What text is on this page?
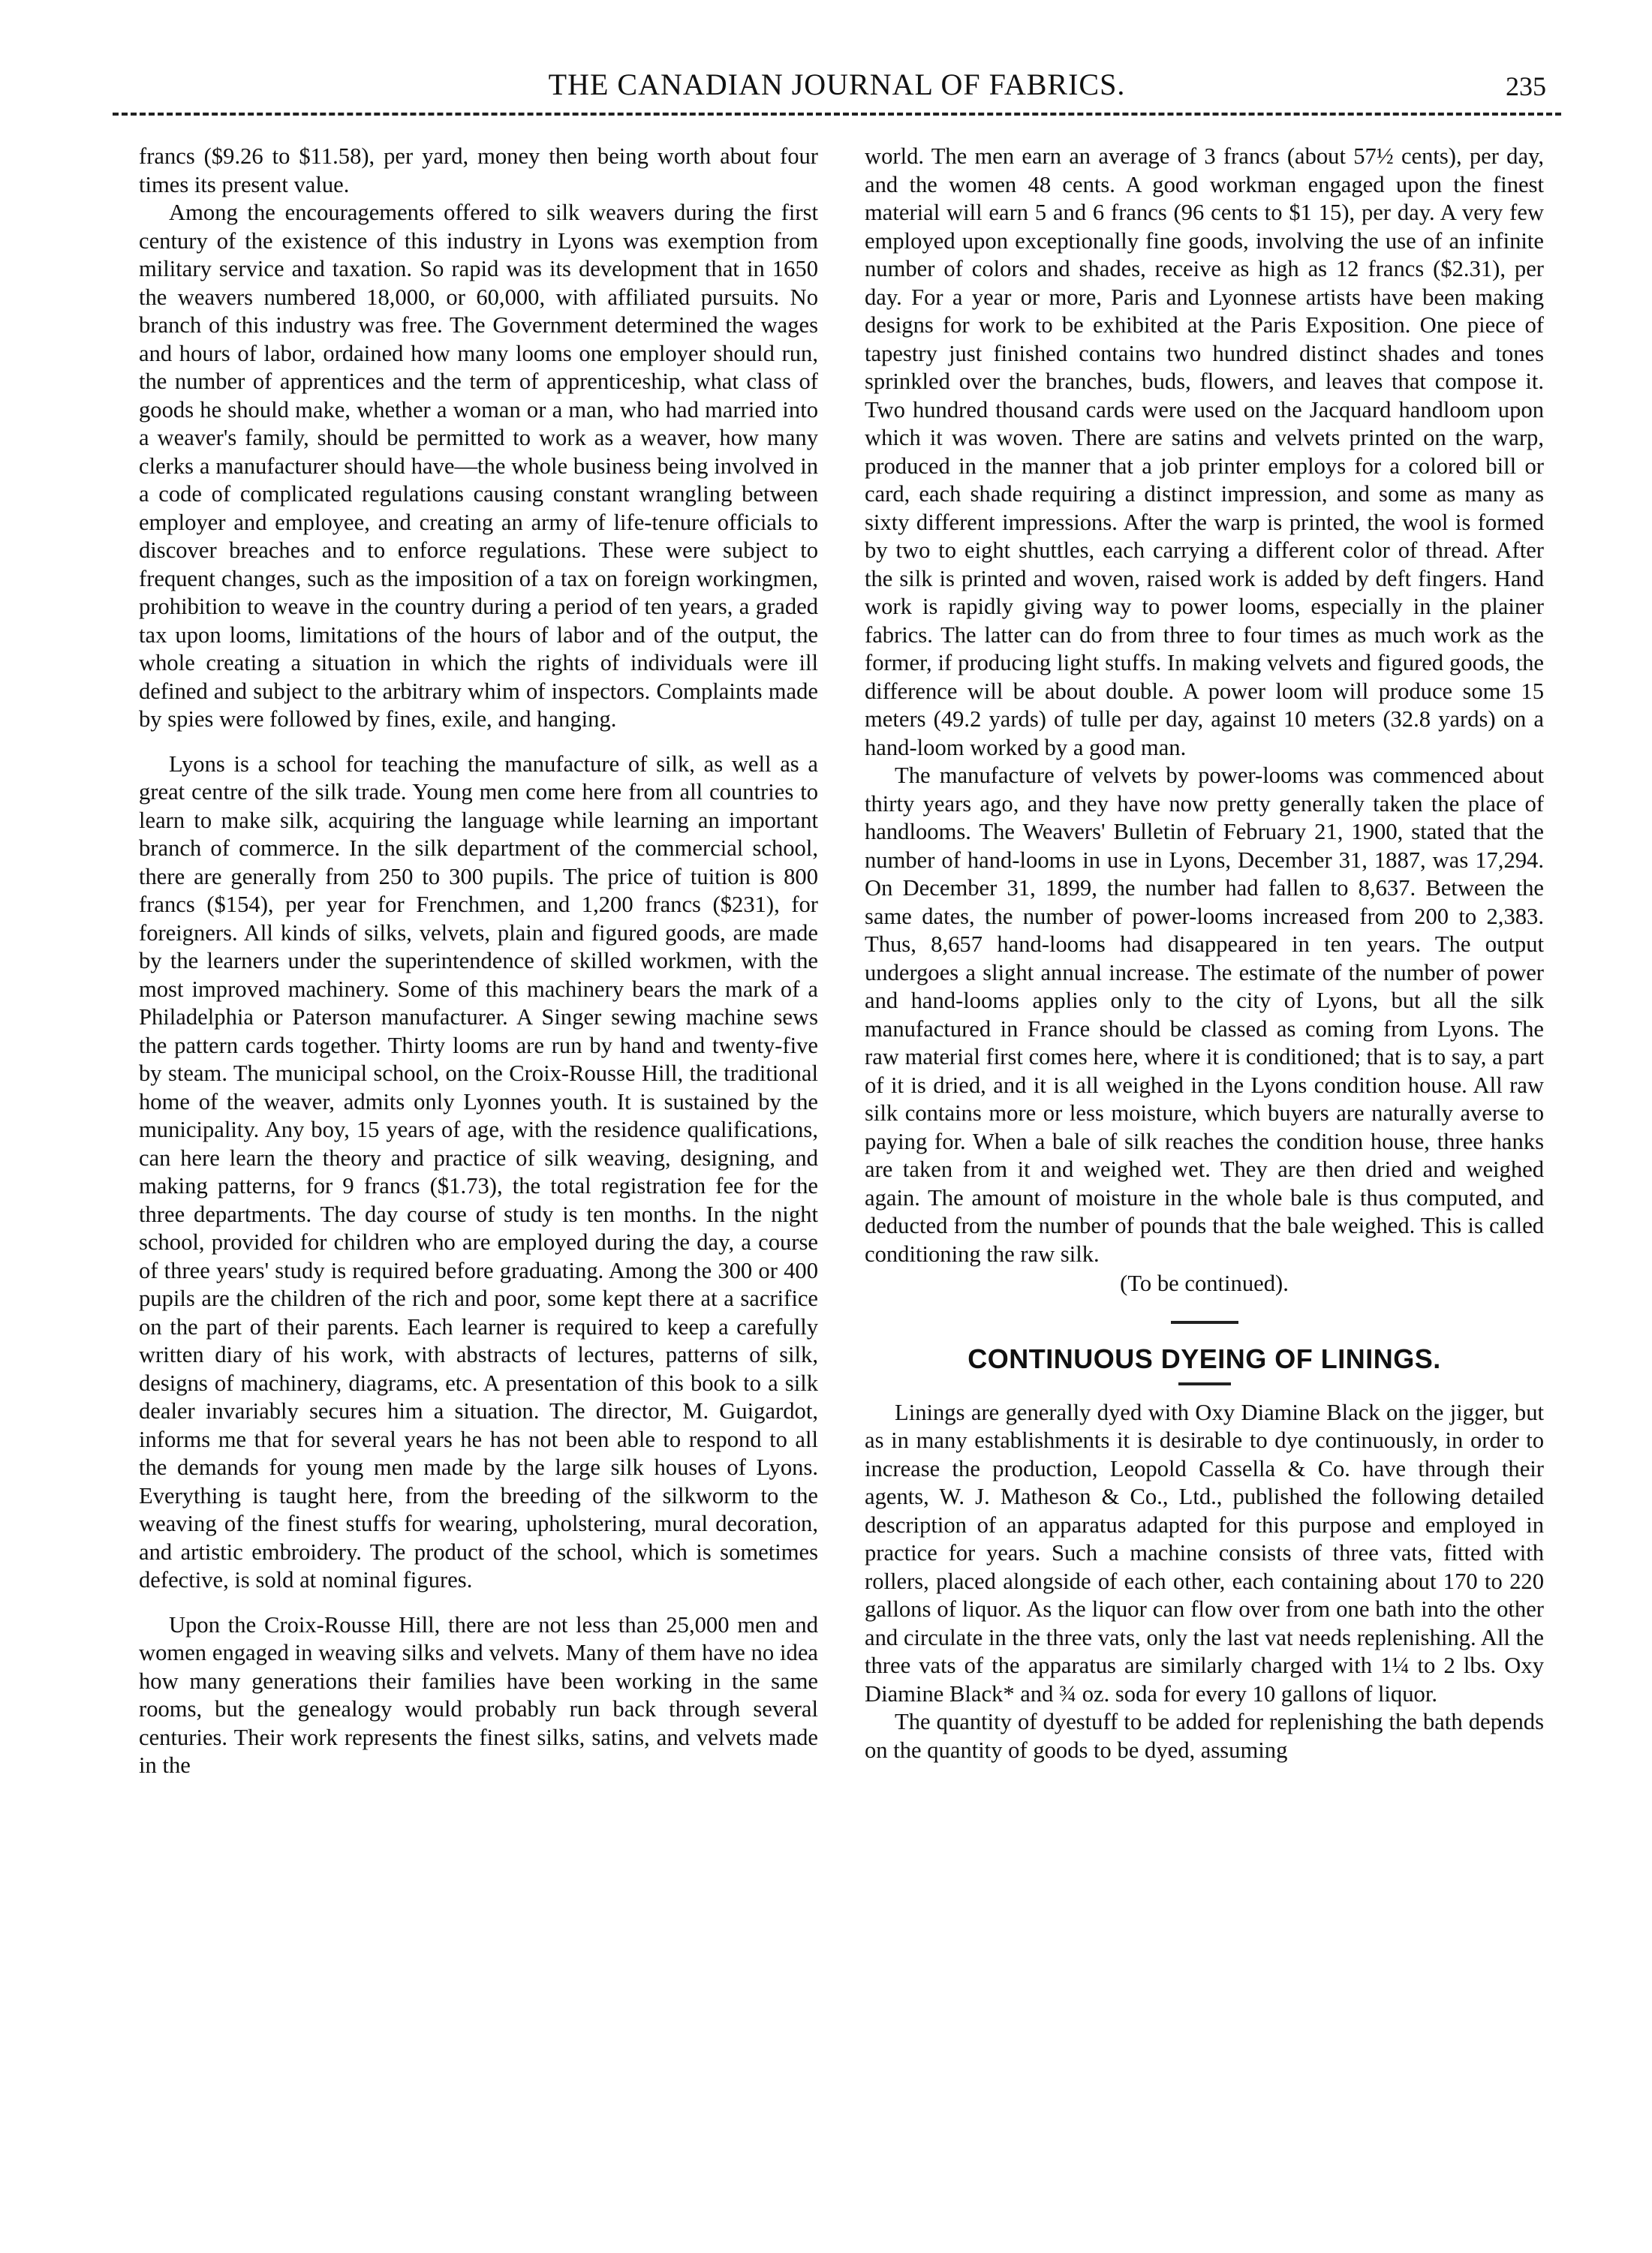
THE CANADIAN JOURNAL OF FABRICS.	235

francs ($9.26 to $11.58), per yard, money then being worth about four times its present value.

Among the encouragements offered to silk weavers during the first century of the existence of this industry in Lyons was exemption from military service and taxation. So rapid was its development that in 1650 the weavers numbered 18,000, or 60,000, with affiliated pursuits. No branch of this industry was free. The Government determined the wages and hours of labor, ordained how many looms one employer should run, the number of apprentices and the term of apprenticeship, what class of goods he should make, whether a woman or a man, who had married into a weaver's family, should be permitted to work as a weaver, how many clerks a manufacturer should have—the whole business being involved in a code of complicated regulations causing constant wrangling between employer and employee, and creating an army of life-tenure officials to discover breaches and to enforce regulations. These were subject to frequent changes, such as the imposition of a tax on foreign workingmen, prohibition to weave in the country during a period of ten years, a graded tax upon looms, limitations of the hours of labor and of the output, the whole creating a situation in which the rights of individuals were ill defined and subject to the arbitrary whim of inspectors. Complaints made by spies were followed by fines, exile, and hanging.

Lyons is a school for teaching the manufacture of silk, as well as a great centre of the silk trade. Young men come here from all countries to learn to make silk, acquiring the language while learning an important branch of commerce. In the silk department of the commercial school, there are generally from 250 to 300 pupils. The price of tuition is 800 francs ($154), per year for Frenchmen, and 1,200 francs ($231), for foreigners. All kinds of silks, velvets, plain and figured goods, are made by the learners under the superintendence of skilled workmen, with the most improved machinery. Some of this machinery bears the mark of a Philadelphia or Paterson manufacturer. A Singer sewing machine sews the pattern cards together. Thirty looms are run by hand and twenty-five by steam. The municipal school, on the Croix-Rousse Hill, the traditional home of the weaver, admits only Lyonnes youth. It is sustained by the municipality. Any boy, 15 years of age, with the residence qualifications, can here learn the theory and practice of silk weaving, designing, and making patterns, for 9 francs ($1.73), the total registration fee for the three departments. The day course of study is ten months. In the night school, provided for children who are employed during the day, a course of three years' study is required before graduating. Among the 300 or 400 pupils are the children of the rich and poor, some kept there at a sacrifice on the part of their parents. Each learner is required to keep a carefully written diary of his work, with abstracts of lectures, patterns of silk, designs of machinery, diagrams, etc. A presentation of this book to a silk dealer invariably secures him a situation. The director, M. Guigardot, informs me that for several years he has not been able to respond to all the demands for young men made by the large silk houses of Lyons. Everything is taught here, from the breeding of the silkworm to the weaving of the finest stuffs for wearing, upholstering, mural decoration, and artistic embroidery. The product of the school, which is sometimes defective, is sold at nominal figures.

Upon the Croix-Rousse Hill, there are not less than 25,000 men and women engaged in weaving silks and velvets. Many of them have no idea how many generations their families have been working in the same rooms, but the genealogy would probably run back through several centuries. Their work represents the finest silks, satins, and velvets made in the

world. The men earn an average of 3 francs (about 57½ cents), per day, and the women 48 cents. A good workman engaged upon the finest material will earn 5 and 6 francs (96 cents to $1 15), per day. A very few employed upon exceptionally fine goods, involving the use of an infinite number of colors and shades, receive as high as 12 francs ($2.31), per day. For a year or more, Paris and Lyonnese artists have been making designs for work to be exhibited at the Paris Exposition. One piece of tapestry just finished contains two hundred distinct shades and tones sprinkled over the branches, buds, flowers, and leaves that compose it. Two hundred thousand cards were used on the Jacquard handloom upon which it was woven. There are satins and velvets printed on the warp, produced in the manner that a job printer employs for a colored bill or card, each shade requiring a distinct impression, and some as many as sixty different impressions. After the warp is printed, the wool is formed by two to eight shuttles, each carrying a different color of thread. After the silk is printed and woven, raised work is added by deft fingers. Hand work is rapidly giving way to power looms, especially in the plainer fabrics. The latter can do from three to four times as much work as the former, if producing light stuffs. In making velvets and figured goods, the difference will be about double. A power loom will produce some 15 meters (49.2 yards) of tulle per day, against 10 meters (32.8 yards) on a hand-loom worked by a good man.

The manufacture of velvets by power-looms was commenced about thirty years ago, and they have now pretty generally taken the place of handlooms. The Weavers' Bulletin of February 21, 1900, stated that the number of hand-looms in use in Lyons, December 31, 1887, was 17,294. On December 31, 1899, the number had fallen to 8,637. Between the same dates, the number of power-looms increased from 200 to 2,383. Thus, 8,657 hand-looms had disappeared in ten years. The output undergoes a slight annual increase. The estimate of the number of power and hand-looms applies only to the city of Lyons, but all the silk manufactured in France should be classed as coming from Lyons. The raw material first comes here, where it is conditioned; that is to say, a part of it is dried, and it is all weighed in the Lyons condition house. All raw silk contains more or less moisture, which buyers are naturally averse to paying for. When a bale of silk reaches the condition house, three hanks are taken from it and weighed wet. They are then dried and weighed again. The amount of moisture in the whole bale is thus computed, and deducted from the number of pounds that the bale weighed. This is called conditioning the raw silk.

(To be continued).

CONTINUOUS DYEING OF LININGS.

Linings are generally dyed with Oxy Diamine Black on the jigger, but as in many establishments it is desirable to dye continuously, in order to increase the production, Leopold Cassella & Co. have through their agents, W. J. Matheson & Co., Ltd., published the following detailed description of an apparatus adapted for this purpose and employed in practice for years. Such a machine consists of three vats, fitted with rollers, placed alongside of each other, each containing about 170 to 220 gallons of liquor. As the liquor can flow over from one bath into the other and circulate in the three vats, only the last vat needs replenishing. All the three vats of the apparatus are similarly charged with 1¼ to 2 lbs. Oxy Diamine Black* and ¾ oz. soda for every 10 gallons of liquor.

The quantity of dyestuff to be added for replenishing the bath depends on the quantity of goods to be dyed, assuming
